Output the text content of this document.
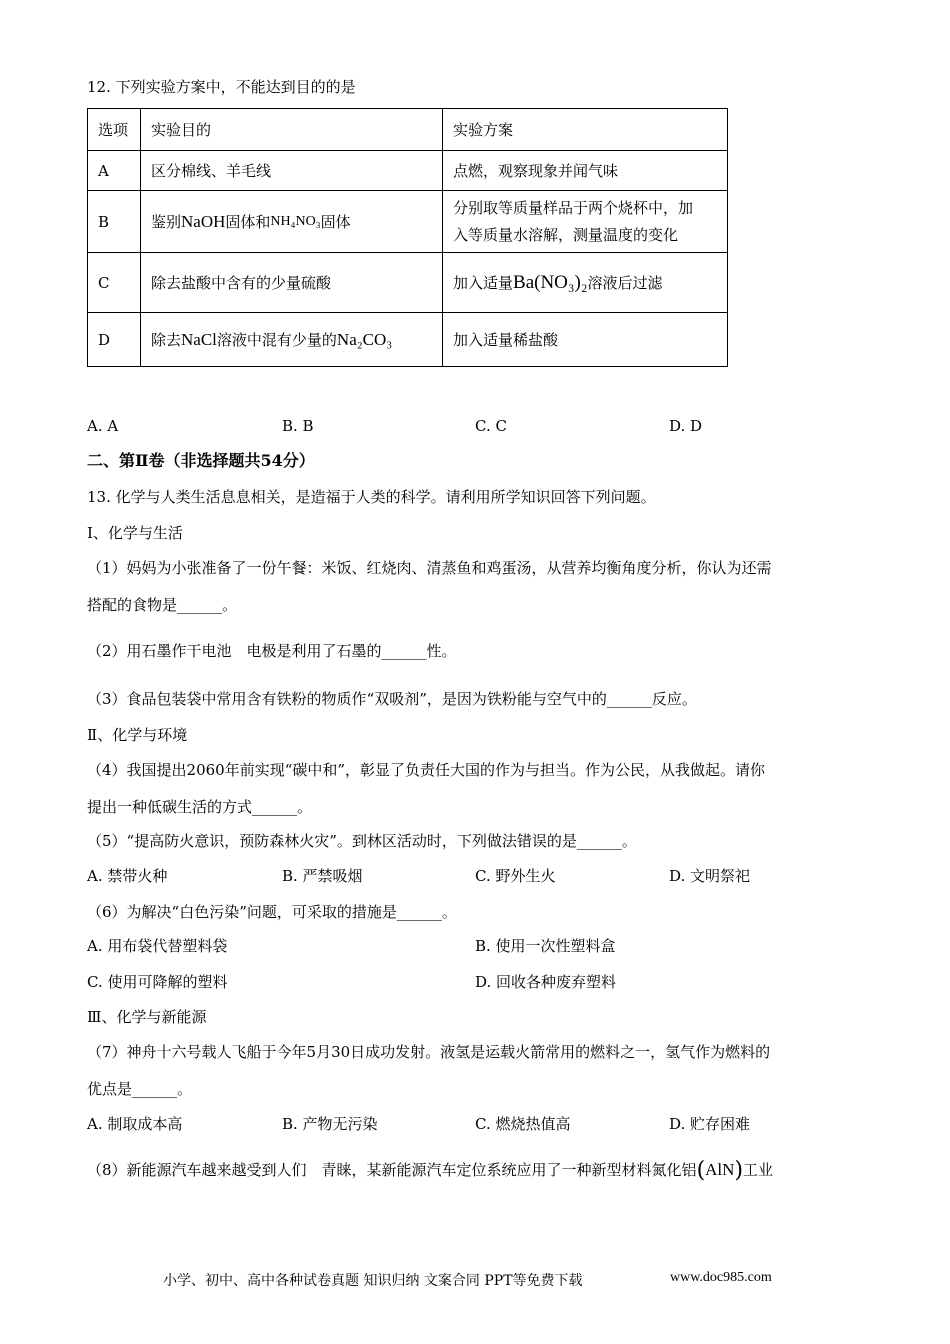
12. 下列实验方案中，不能达到目的的是
选项	实验目的	实验方案
A	区分棉线、羊毛线	点燃，观察现象并闻气味
B	鉴别NaOH固体和NH₄NO₃固体	分别取等质量样品于两个烧杯中，加
入等质量水溶解，测量温度的变化

C	除去盐酸中含有的少量硫酸	加入适量Ba(NO₃)₂溶液后过滤
D	除去NaCl溶液中混有少量的Na₂CO₃	加入适量稀盐酸
A. A	B. B	C. C	D. D
二、第Ⅱ卷（非选择题共54分）
13. 化学与人类生活息息相关，是造福于人类的科学。请利用所学知识回答下列问题。
Ⅰ、化学与生活
（1）妈妈为小张准备了一份午餐：米饭、红烧肉、清蒸鱼和鸡蛋汤，从营养均衡角度分析，你认为还需
搭配的食物是______。
（2）用石墨作干电池　电极是利用了石墨的______性。
（3）食品包装袋中常用含有铁粉的物质作“双吸剂”，是因为铁粉能与空气中的______反应。
Ⅱ、化学与环境
（4）我国提出2060年前实现“碳中和”，彰显了负责任大国的作为与担当。作为公民，从我做起。请你
提出一种低碳生活的方式______。
（5）“提高防火意识，预防森林火灾”。到林区活动时，下列做法错误的是______。
A. 禁带火种	B. 严禁吸烟	C. 野外生火	D. 文明祭祀
（6）为解决“白色污染”问题，可采取的措施是______。
A. 用布袋代替塑料袋	B. 使用一次性塑料盒
C. 使用可降解的塑料	D. 回收各种废弃塑料
Ⅲ、化学与新能源
（7）神舟十六号载人飞船于今年5月30日成功发射。液氢是运载火箭常用的燃料之一，氢气作为燃料的
优点是______。
A. 制取成本高	B. 产物无污染	C. 燃烧热值高	D. 贮存困难
（8）新能源汽车越来越受到人们　青睐，某新能源汽车定位系统应用了一种新型材料氮化铝(AlN)工业
小学、初中、高中各种试卷真题 知识归纳 文案合同 PPT等免费下载	www.doc985.com
